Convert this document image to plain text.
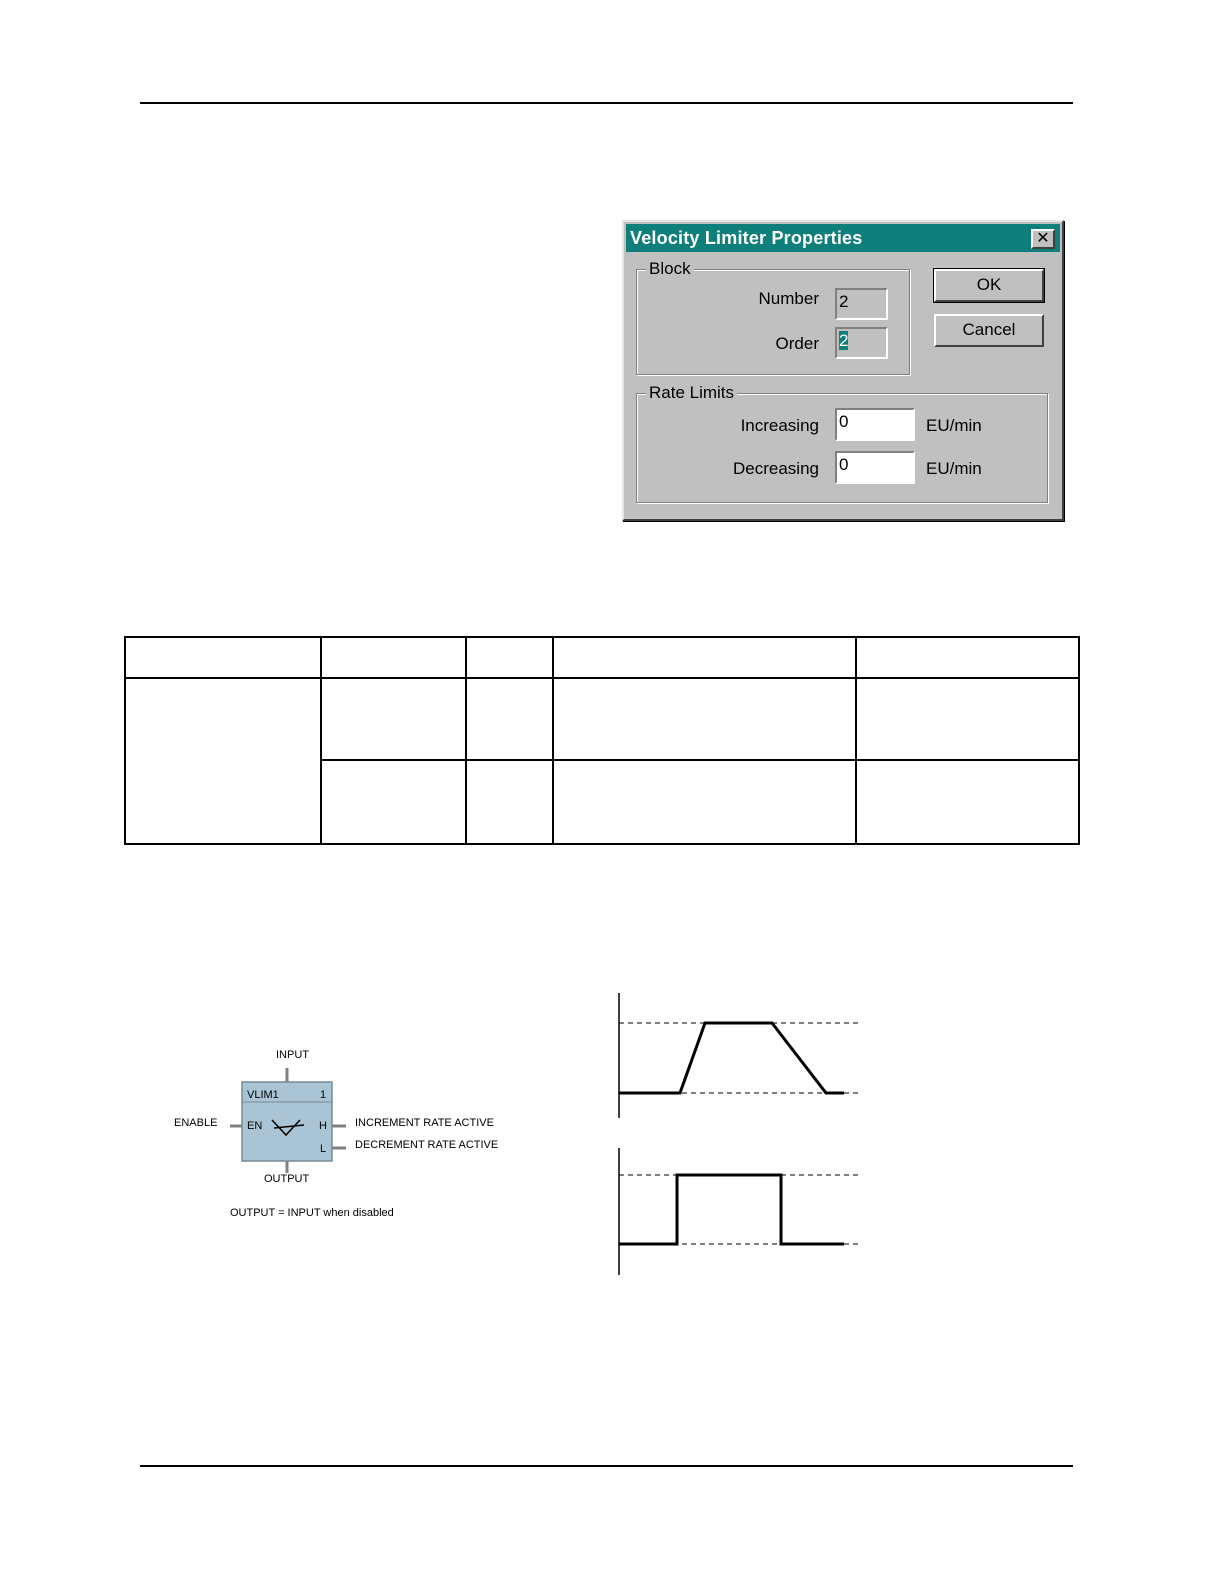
Velocity Limiter Properties	✕
Block
Number 2
Order 2
OK
Cancel
Rate Limits
Increasing 0	EU/min
Decreasing 0	EU/min

INPUT
ENABLE
VLIM1	1
EN	H
L
INCREMENT RATE ACTIVE
DECREMENT RATE ACTIVE
OUTPUT
OUTPUT = INPUT when disabled
